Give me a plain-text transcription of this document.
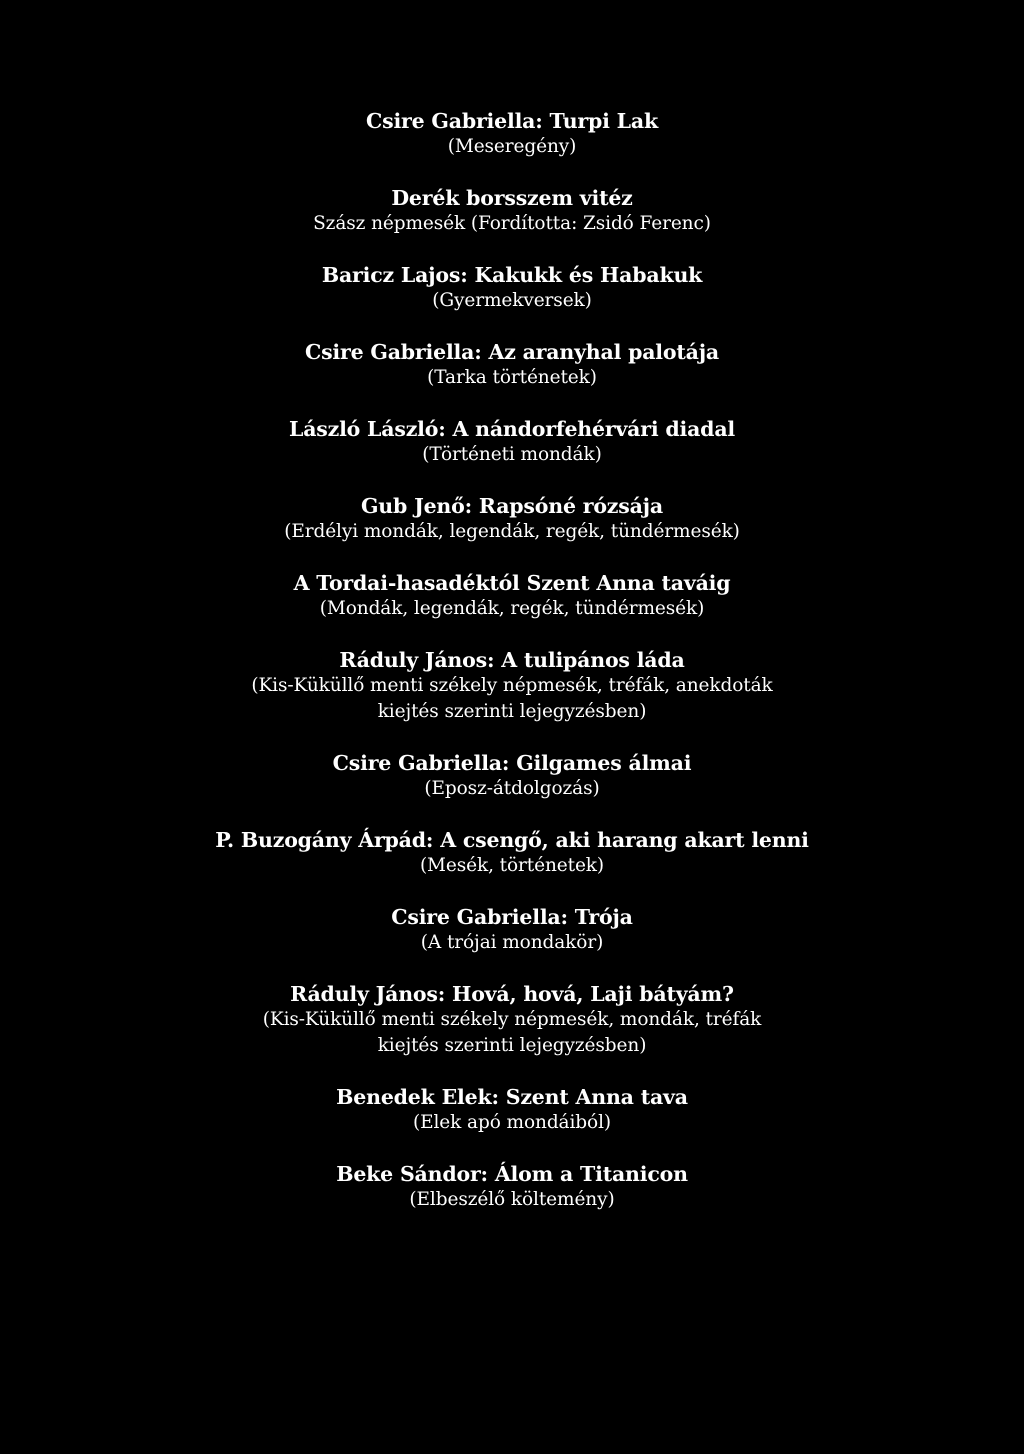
Csire Gabriella: Turpi Lak
(Meseregény)
Derék borsszem vitéz
Szász népmesék (Fordította: Zsidó Ferenc)
Baricz Lajos: Kakukk és Habakuk
(Gyermekversek)
Csire Gabriella: Az aranyhal palotája
(Tarka történetek)
László László: A nándorfehérvári diadal
(Történeti mondák)
Gub Jenő: Rapsóné rózsája
(Erdélyi mondák, legendák, regék, tündérmesék)
A Tordai-hasadéktól Szent Anna taváig
(Mondák, legendák, regék, tündérmesék)
Ráduly János: A tulipános láda
(Kis-Küküllő menti székely népmesék, tréfák, anekdoták
kiejtés szerinti lejegyzésben)
Csire Gabriella: Gilgames álmai
(Eposz-átdolgozás)
P. Buzogány Árpád: A csengő, aki harang akart lenni
(Mesék, történetek)
Csire Gabriella: Trója
(A trójai mondakör)
Ráduly János: Hová, hová, Laji bátyám?
(Kis-Küküllő menti székely népmesék, mondák, tréfák
kiejtés szerinti lejegyzésben)
Benedek Elek: Szent Anna tava
(Elek apó mondáiból)
Beke Sándor: Álom a Titanicon
(Elbeszélő költemény)
